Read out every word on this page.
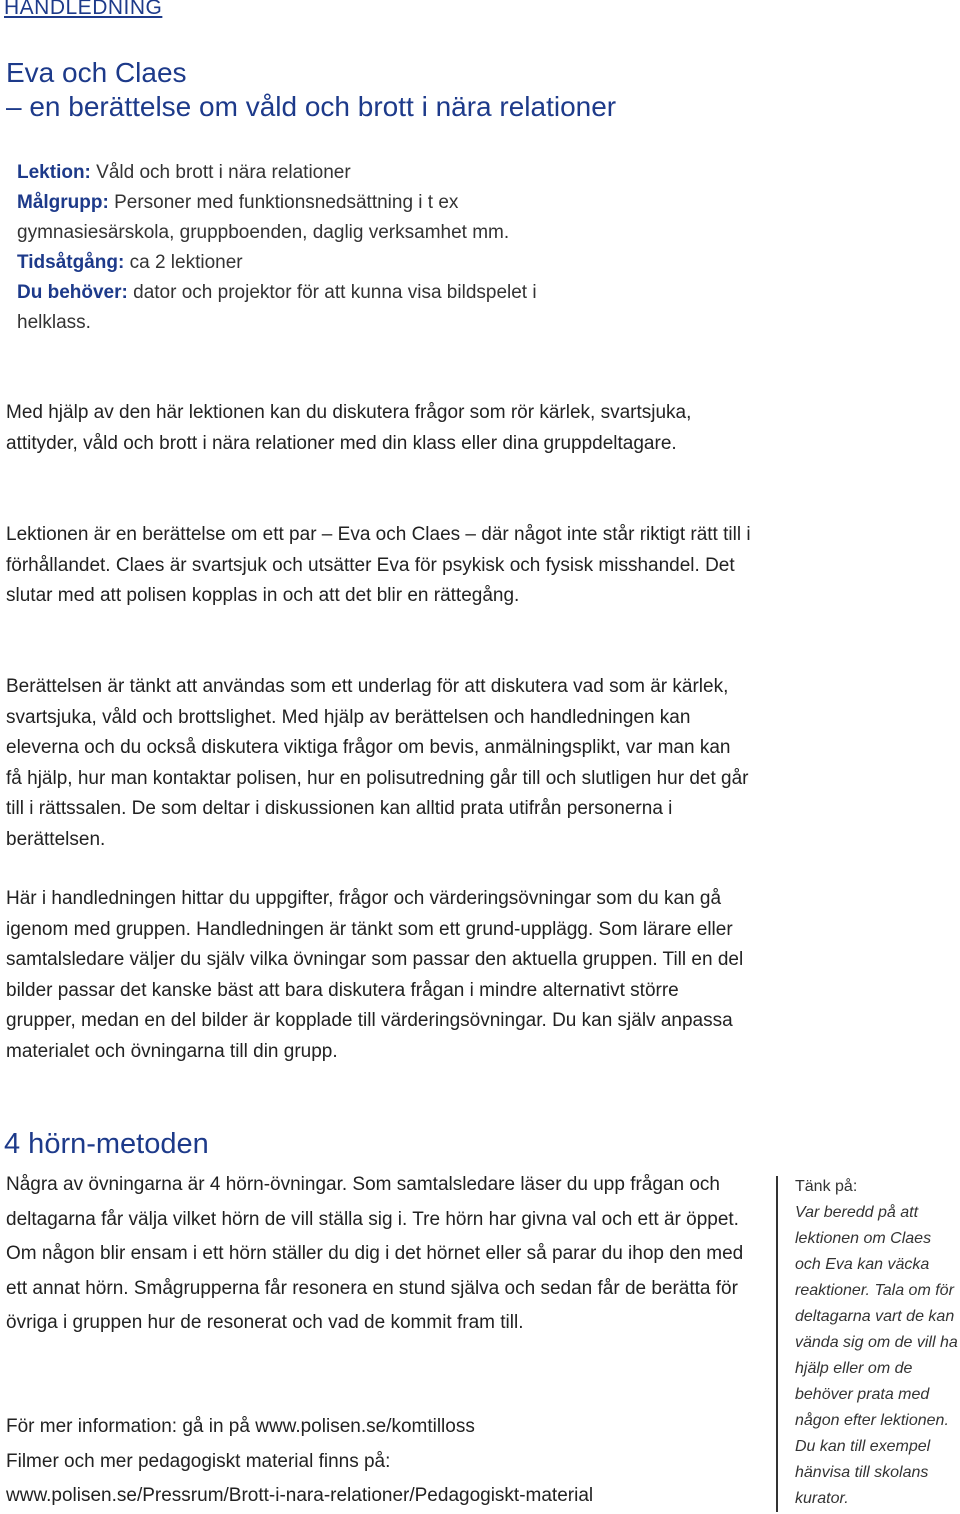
HANDLEDNING
Eva och Claes
– en berättelse om våld och brott i nära relationer
Lektion: Våld och brott i nära relationer
Målgrupp: Personer med funktionsnedsättning i t ex gymnasiesärskola, gruppboenden, daglig verksamhet mm.
Tidsåtgång: ca 2 lektioner
Du behöver: dator och projektor för att kunna visa bildspelet i helklass.
Med hjälp av den här lektionen kan du diskutera frågor som rör kärlek, svartsjuka, attityder, våld och brott i nära relationer med din klass eller dina gruppdeltagare.
Lektionen är en berättelse om ett par – Eva och Claes – där något inte står riktigt rätt till i förhållandet. Claes är svartsjuk och utsätter Eva för psykisk och fysisk misshandel. Det slutar med att polisen kopplas in och att det blir en rättegång.
Berättelsen är tänkt att användas som ett underlag för att diskutera vad som är kärlek, svartsjuka, våld och brottslighet. Med hjälp av berättelsen och handledningen kan eleverna och du också diskutera viktiga frågor om bevis, anmälningsplikt, var man kan få hjälp, hur man kontaktar polisen, hur en polisutredning går till och slutligen hur det går till i rättssalen. De som deltar i diskussionen kan alltid prata utifrån personerna i berättelsen.
Här i handledningen hittar du uppgifter, frågor och värderingsövningar som du kan gå igenom med gruppen. Handledningen är tänkt som ett grund-upplägg. Som lärare eller samtalsledare väljer du själv vilka övningar som passar den aktuella gruppen. Till en del bilder passar det kanske bäst att bara diskutera frågan i mindre alternativt större grupper, medan en del bilder är kopplade till värderingsövningar. Du kan själv anpassa materialet och övningarna till din grupp.
4 hörn-metoden
Några av övningarna är 4 hörn-övningar. Som samtalsledare läser du upp frågan och deltagarna får välja vilket hörn de vill ställa sig i. Tre hörn har givna val och ett är öppet. Om någon blir ensam i ett hörn ställer du dig i det hörnet eller så parar du ihop den med ett annat hörn. Smågrupperna får resonera en stund själva och sedan får de berätta för övriga i gruppen hur de resonerat och vad de kommit fram till.
För mer information: gå in på www.polisen.se/komtilloss
Filmer och mer pedagogiskt material finns på:
www.polisen.se/Pressrum/Brott-i-nara-relationer/Pedagogiskt-material
Tänk på:
Var beredd på att lektionen om Claes och Eva kan väcka reaktioner. Tala om för deltagarna vart de kan vända sig om de vill ha hjälp eller om de behöver prata med någon efter lektionen. Du kan till exempel hänvisa till skolans kurator.
